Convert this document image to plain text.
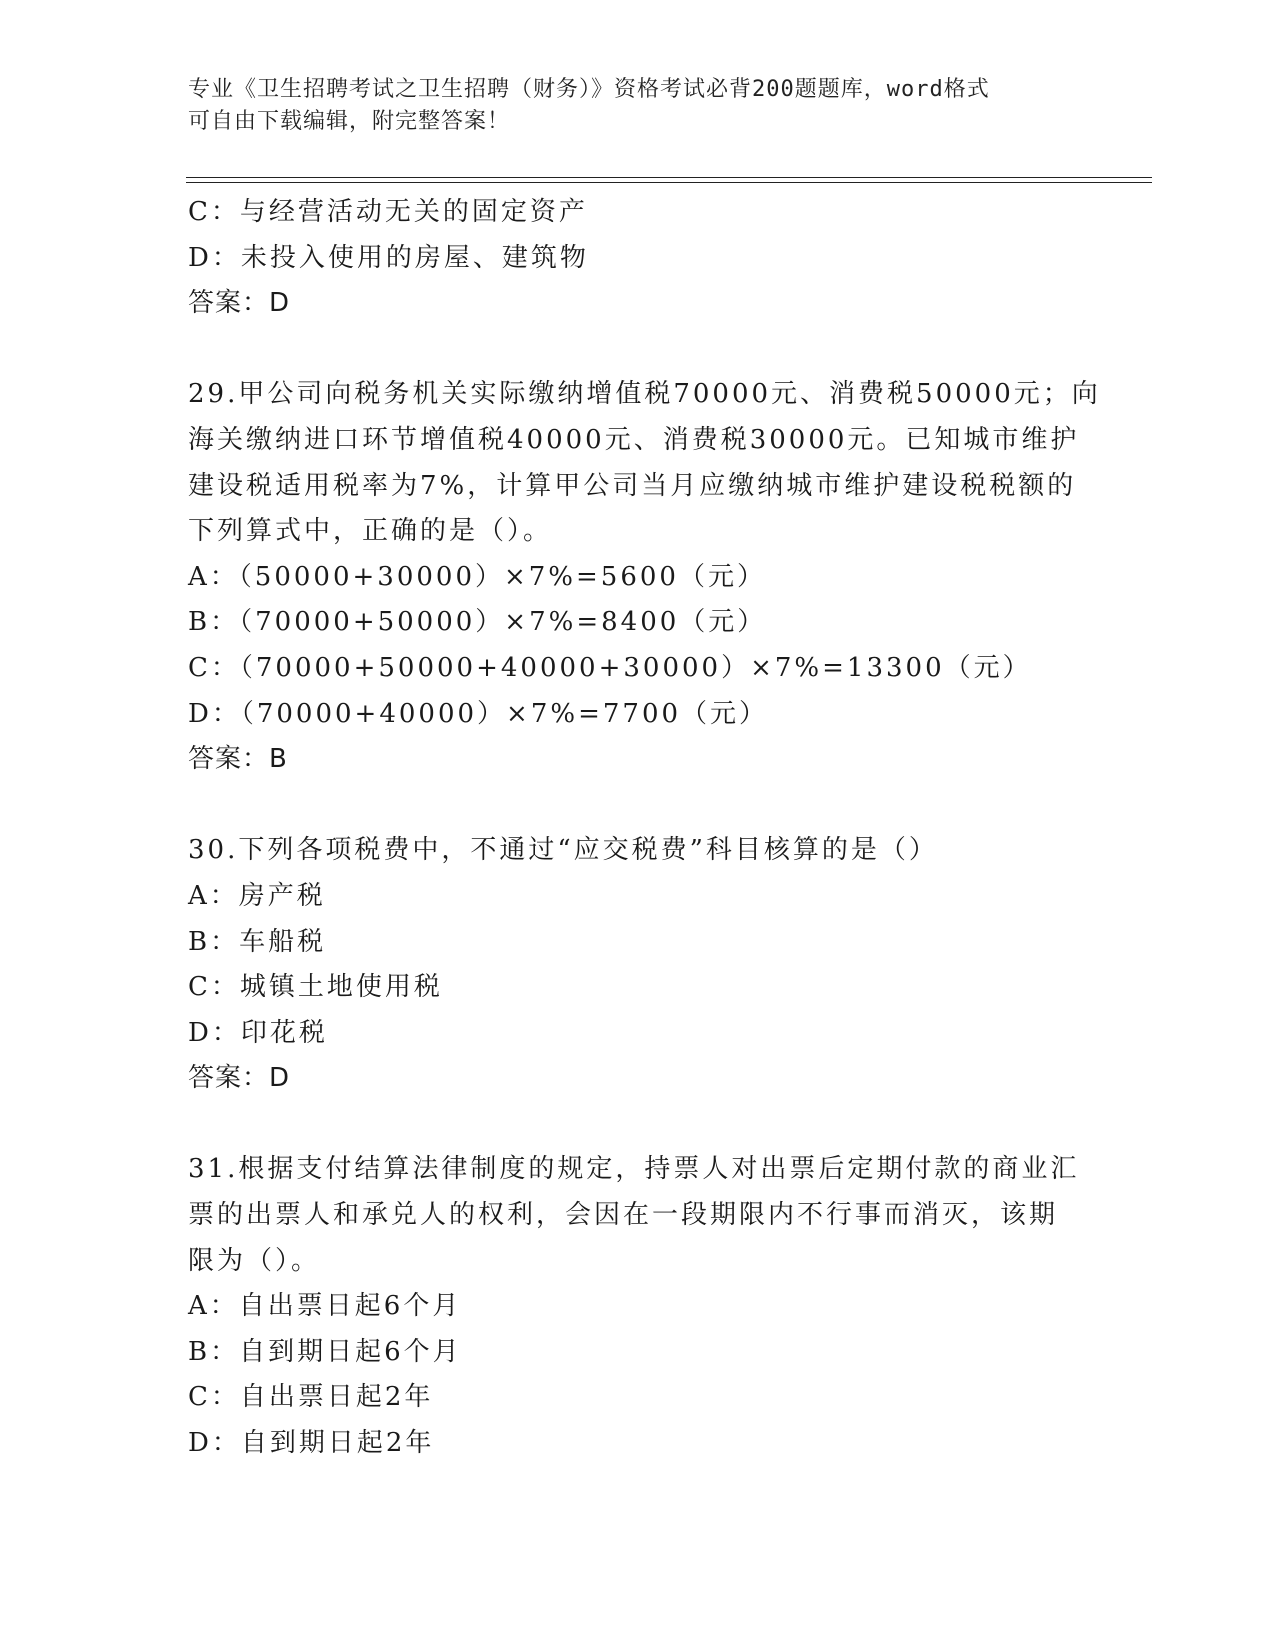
专业《卫生招聘考试之卫生招聘（财务）》资格考试必背200题题库，word格式
可自由下载编辑，附完整答案！
C：与经营活动无关的固定资产
D：未投入使用的房屋、建筑物
答案：D
29.甲公司向税务机关实际缴纳增值税70000元、消费税50000元；向
海关缴纳进口环节增值税40000元、消费税30000元。已知城市维护
建设税适用税率为7%，计算甲公司当月应缴纳城市维护建设税税额的
下列算式中，正确的是（）。
A：（50000+30000）×7%=5600（元）
B：（70000+50000）×7%=8400（元）
C：（70000+50000+40000+30000）×7%=13300（元）
D：（70000+40000）×7%=7700（元）
答案：B
30.下列各项税费中，不通过“应交税费”科目核算的是（）
A：房产税
B：车船税
C：城镇土地使用税
D：印花税
答案：D
31.根据支付结算法律制度的规定，持票人对出票后定期付款的商业汇
票的出票人和承兑人的权利，会因在一段期限内不行事而消灭，该期
限为（）。
A：自出票日起6个月
B：自到期日起6个月
C：自出票日起2年
D：自到期日起2年
